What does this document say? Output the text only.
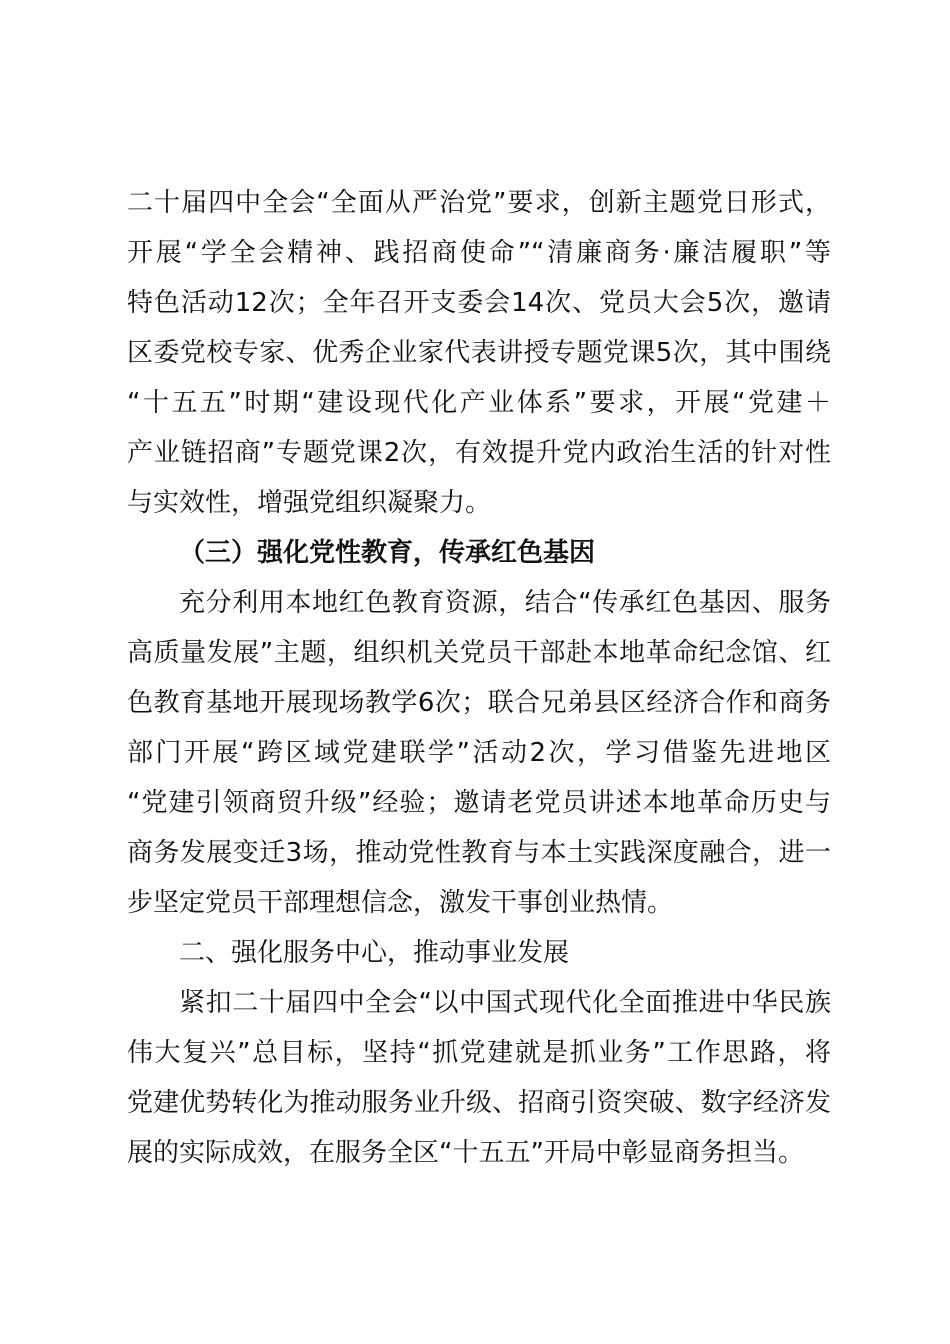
二十届四中全会“全面从严治党”要求，创新主题党日形式，
开展“学全会精神、践招商使命”“清廉商务·廉洁履职”等
特色活动12次；全年召开支委会14次、党员大会5次，邀请
区委党校专家、优秀企业家代表讲授专题党课5次，其中围绕
“十五五”时期“建设现代化产业体系”要求，开展“党建＋
产业链招商”专题党课2次，有效提升党内政治生活的针对性
与实效性，增强党组织凝聚力。
（三）强化党性教育，传承红色基因
充分利用本地红色教育资源，结合“传承红色基因、服务
高质量发展”主题，组织机关党员干部赴本地革命纪念馆、红
色教育基地开展现场教学6次；联合兄弟县区经济合作和商务
部门开展“跨区域党建联学”活动2次，学习借鉴先进地区
“党建引领商贸升级”经验；邀请老党员讲述本地革命历史与
商务发展变迁3场，推动党性教育与本土实践深度融合，进一
步坚定党员干部理想信念，激发干事创业热情。
二、强化服务中心，推动事业发展
紧扣二十届四中全会“以中国式现代化全面推进中华民族
伟大复兴”总目标，坚持“抓党建就是抓业务”工作思路，将
党建优势转化为推动服务业升级、招商引资突破、数字经济发
展的实际成效，在服务全区“十五五”开局中彰显商务担当。
